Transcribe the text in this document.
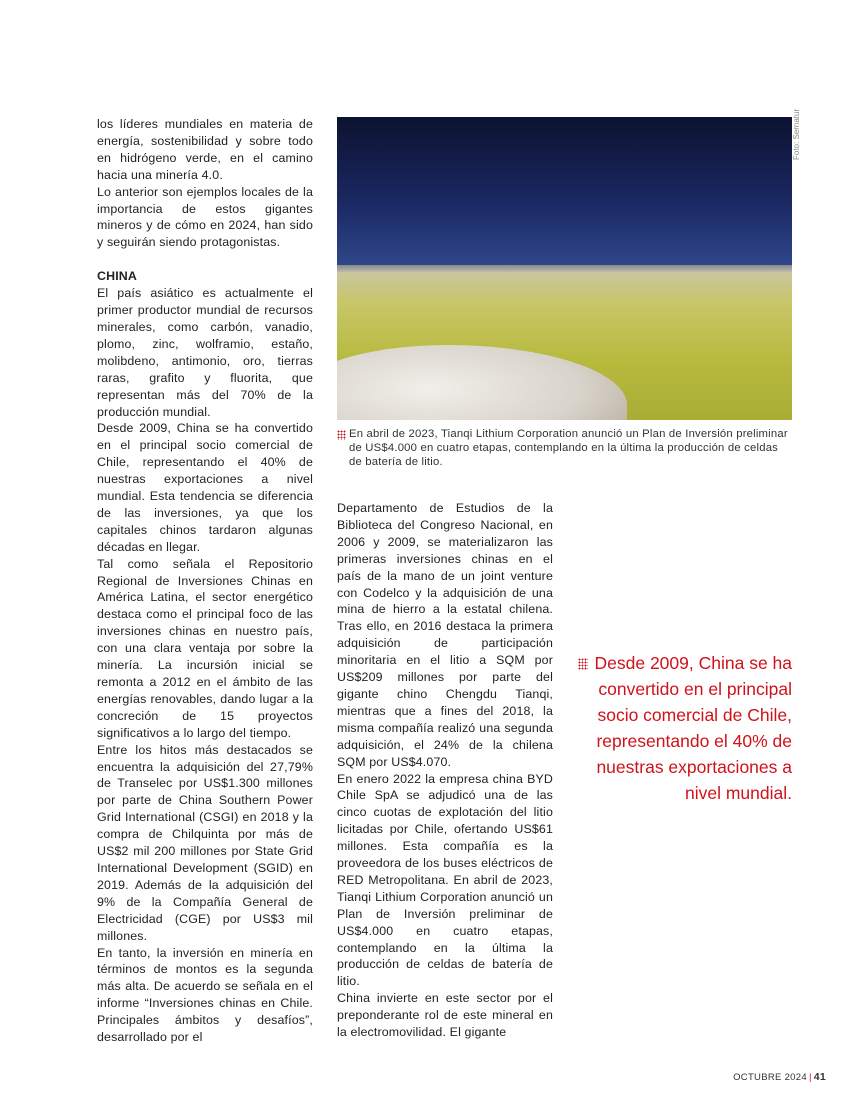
los líderes mundiales en materia de energía, sostenibilidad y sobre todo en hidrógeno verde, en el camino hacia una minería 4.0.

Lo anterior son ejemplos locales de la importancia de estos gigantes mineros y de cómo en 2024, han sido y seguirán siendo protagonistas.

CHINA

El país asiático es actualmente el primer productor mundial de recursos minerales, como carbón, vanadio, plomo, zinc, wolframio, estaño, molibdeno, antimonio, oro, tierras raras, grafito y fluorita, que representan más del 70% de la producción mundial.

Desde 2009, China se ha convertido en el principal socio comercial de Chile, representando el 40% de nuestras exportaciones a nivel mundial. Esta tendencia se diferencia de las inversiones, ya que los capitales chinos tardaron algunas décadas en llegar.

Tal como señala el Repositorio Regional de Inversiones Chinas en América Latina, el sector energético destaca como el principal foco de las inversiones chinas en nuestro país, con una clara ventaja por sobre la minería. La incursión inicial se remonta a 2012 en el ámbito de las energías renovables, dando lugar a la concreción de 15 proyectos significativos a lo largo del tiempo.

Entre los hitos más destacados se encuentra la adquisición del 27,79% de Transelec por US$1.300 millones por parte de China Southern Power Grid International (CSGI) en 2018 y la compra de Chilquinta por más de US$2 mil 200 millones por State Grid International Development (SGID) en 2019. Además de la adquisición del 9% de la Compañía General de Electricidad (CGE) por US$3 mil millones.

En tanto, la inversión en minería en términos de montos es la segunda más alta. De acuerdo se señala en el informe “Inversiones chinas en Chile. Principales ámbitos y desafíos”, desarrollado por el

Foto: Sernatur
En abril de 2023, Tianqi Lithium Corporation anunció un Plan de Inversión preliminar de US$4.000 en cuatro etapas, contemplando en la última la producción de celdas de batería de litio.

Departamento de Estudios de la Biblioteca del Congreso Nacional, en 2006 y 2009, se materializaron las primeras inversiones chinas en el país de la mano de un joint venture con Codelco y la adquisición de una mina de hierro a la estatal chilena. Tras ello, en 2016 destaca la primera adquisición de participación minoritaria en el litio a SQM por US$209 millones por parte del gigante chino Chengdu Tianqi, mientras que a fines del 2018, la misma compañía realizó una segunda adquisición, el 24% de la chilena SQM por US$4.070.

En enero 2022 la empresa china BYD Chile SpA se adjudicó una de las cinco cuotas de explotación del litio licitadas por Chile, ofertando US$61 millones. Esta compañía es la proveedora de los buses eléctricos de RED Metropolitana. En abril de 2023, Tianqi Lithium Corporation anunció un Plan de Inversión preliminar de US$4.000 en cuatro etapas, contemplando en la última la producción de celdas de batería de litio.

China invierte en este sector por el preponderante rol de este mineral en la electromovilidad. El gigante

Desde 2009, China se ha convertido en el principal socio comercial de Chile, representando el 40% de nuestras exportaciones a nivel mundial.
OCTUBRE 2024 | 41
